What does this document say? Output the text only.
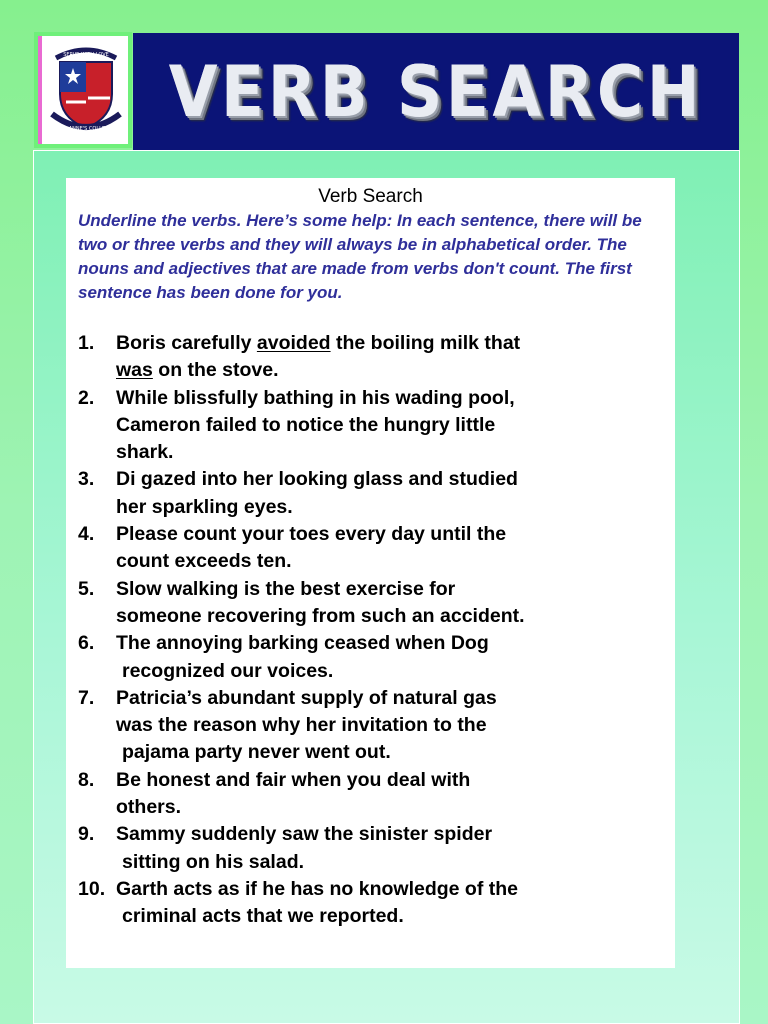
SERVE WITH LOVE
ST. ANNE'S COLLEGE VERB SEARCH
Verb Search

Underline the verbs. Here’s some help: In each sentence, there will be two or three verbs and they will always be in alphabetical order. The nouns and adjectives that are made from verbs don't count. The first sentence has been done for you.

1. Boris carefully avoided the boiling milk that
was on the stove.
2. While blissfully bathing in his wading pool,
Cameron failed to notice the hungry little
shark.
3. Di gazed into her looking glass and studied
her sparkling eyes.
4. Please count your toes every day until the
count exceeds ten.
5. Slow walking is the best exercise for
someone recovering from such an accident.
6. The annoying barking ceased when Dog
recognized our voices.
7. Patricia’s abundant supply of natural gas
was the reason why her invitation to the
pajama party never went out.
8. Be honest and fair when you deal with
others.
9. Sammy suddenly saw the sinister spider
sitting on his salad.
10. Garth acts as if he has no knowledge of the
criminal acts that we reported.
